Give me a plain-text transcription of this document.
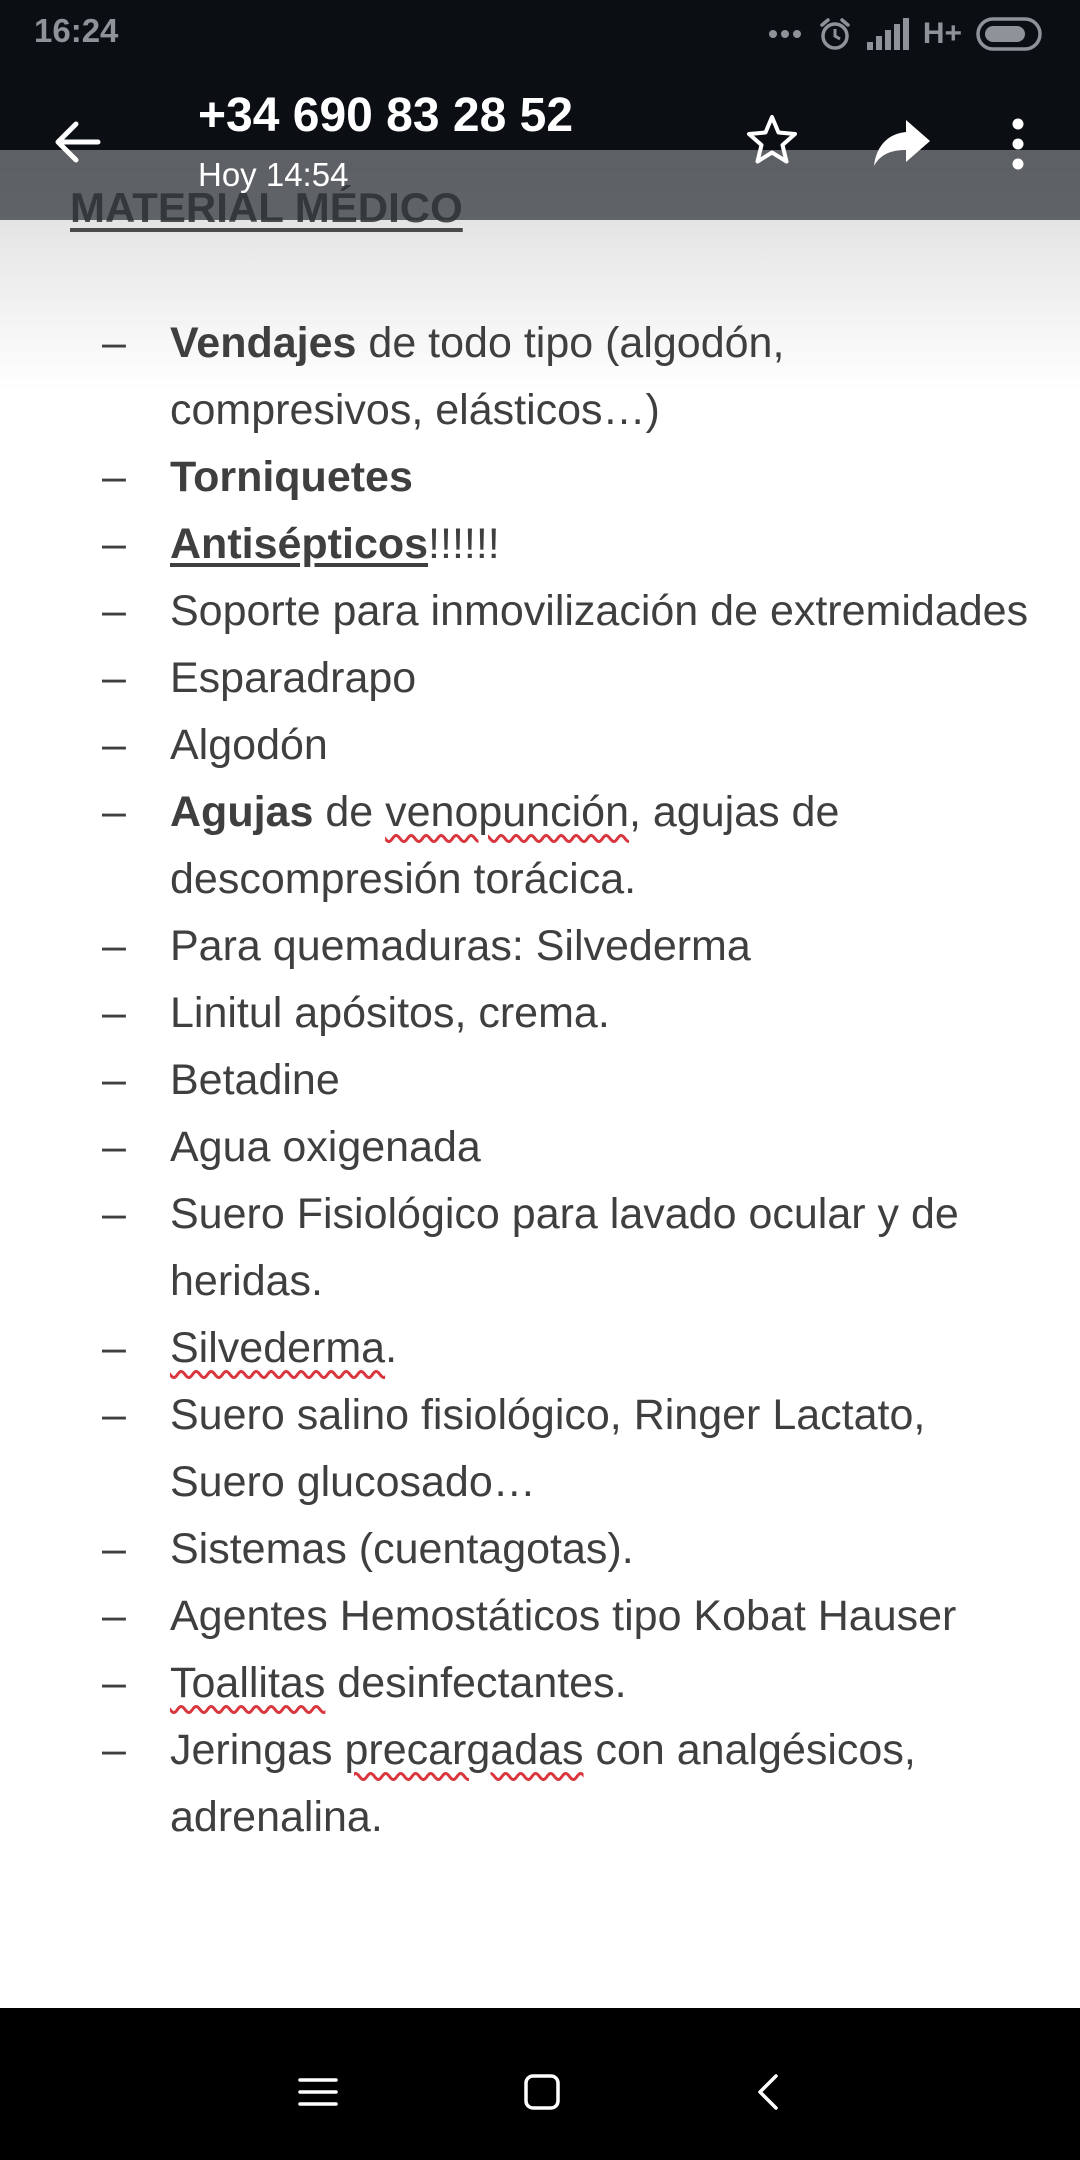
16:24	H+
– Vendajes de todo tipo (algodón, compresivos, elásticos…)
– Torniquetes
– Antisépticos!!!!!!
– Soporte para inmovilización de extremidades
– Esparadrapo
– Algodón
– Agujas de venopunción, agujas de descompresión torácica.
– Para quemaduras: Silvederma
– Linitul apósitos, crema.
– Betadine
– Agua oxigenada
– Suero Fisiológico para lavado ocular y de heridas.
– Silvederma.
– Suero salino fisiológico, Ringer Lactato, Suero glucosado…
– Sistemas (cuentagotas).
– Agentes Hemostáticos tipo Kobat Hauser
– Toallitas desinfectantes.
– Jeringas precargadas con analgésicos, adrenalina.
+34 690 83 28 52
Hoy 14:54
